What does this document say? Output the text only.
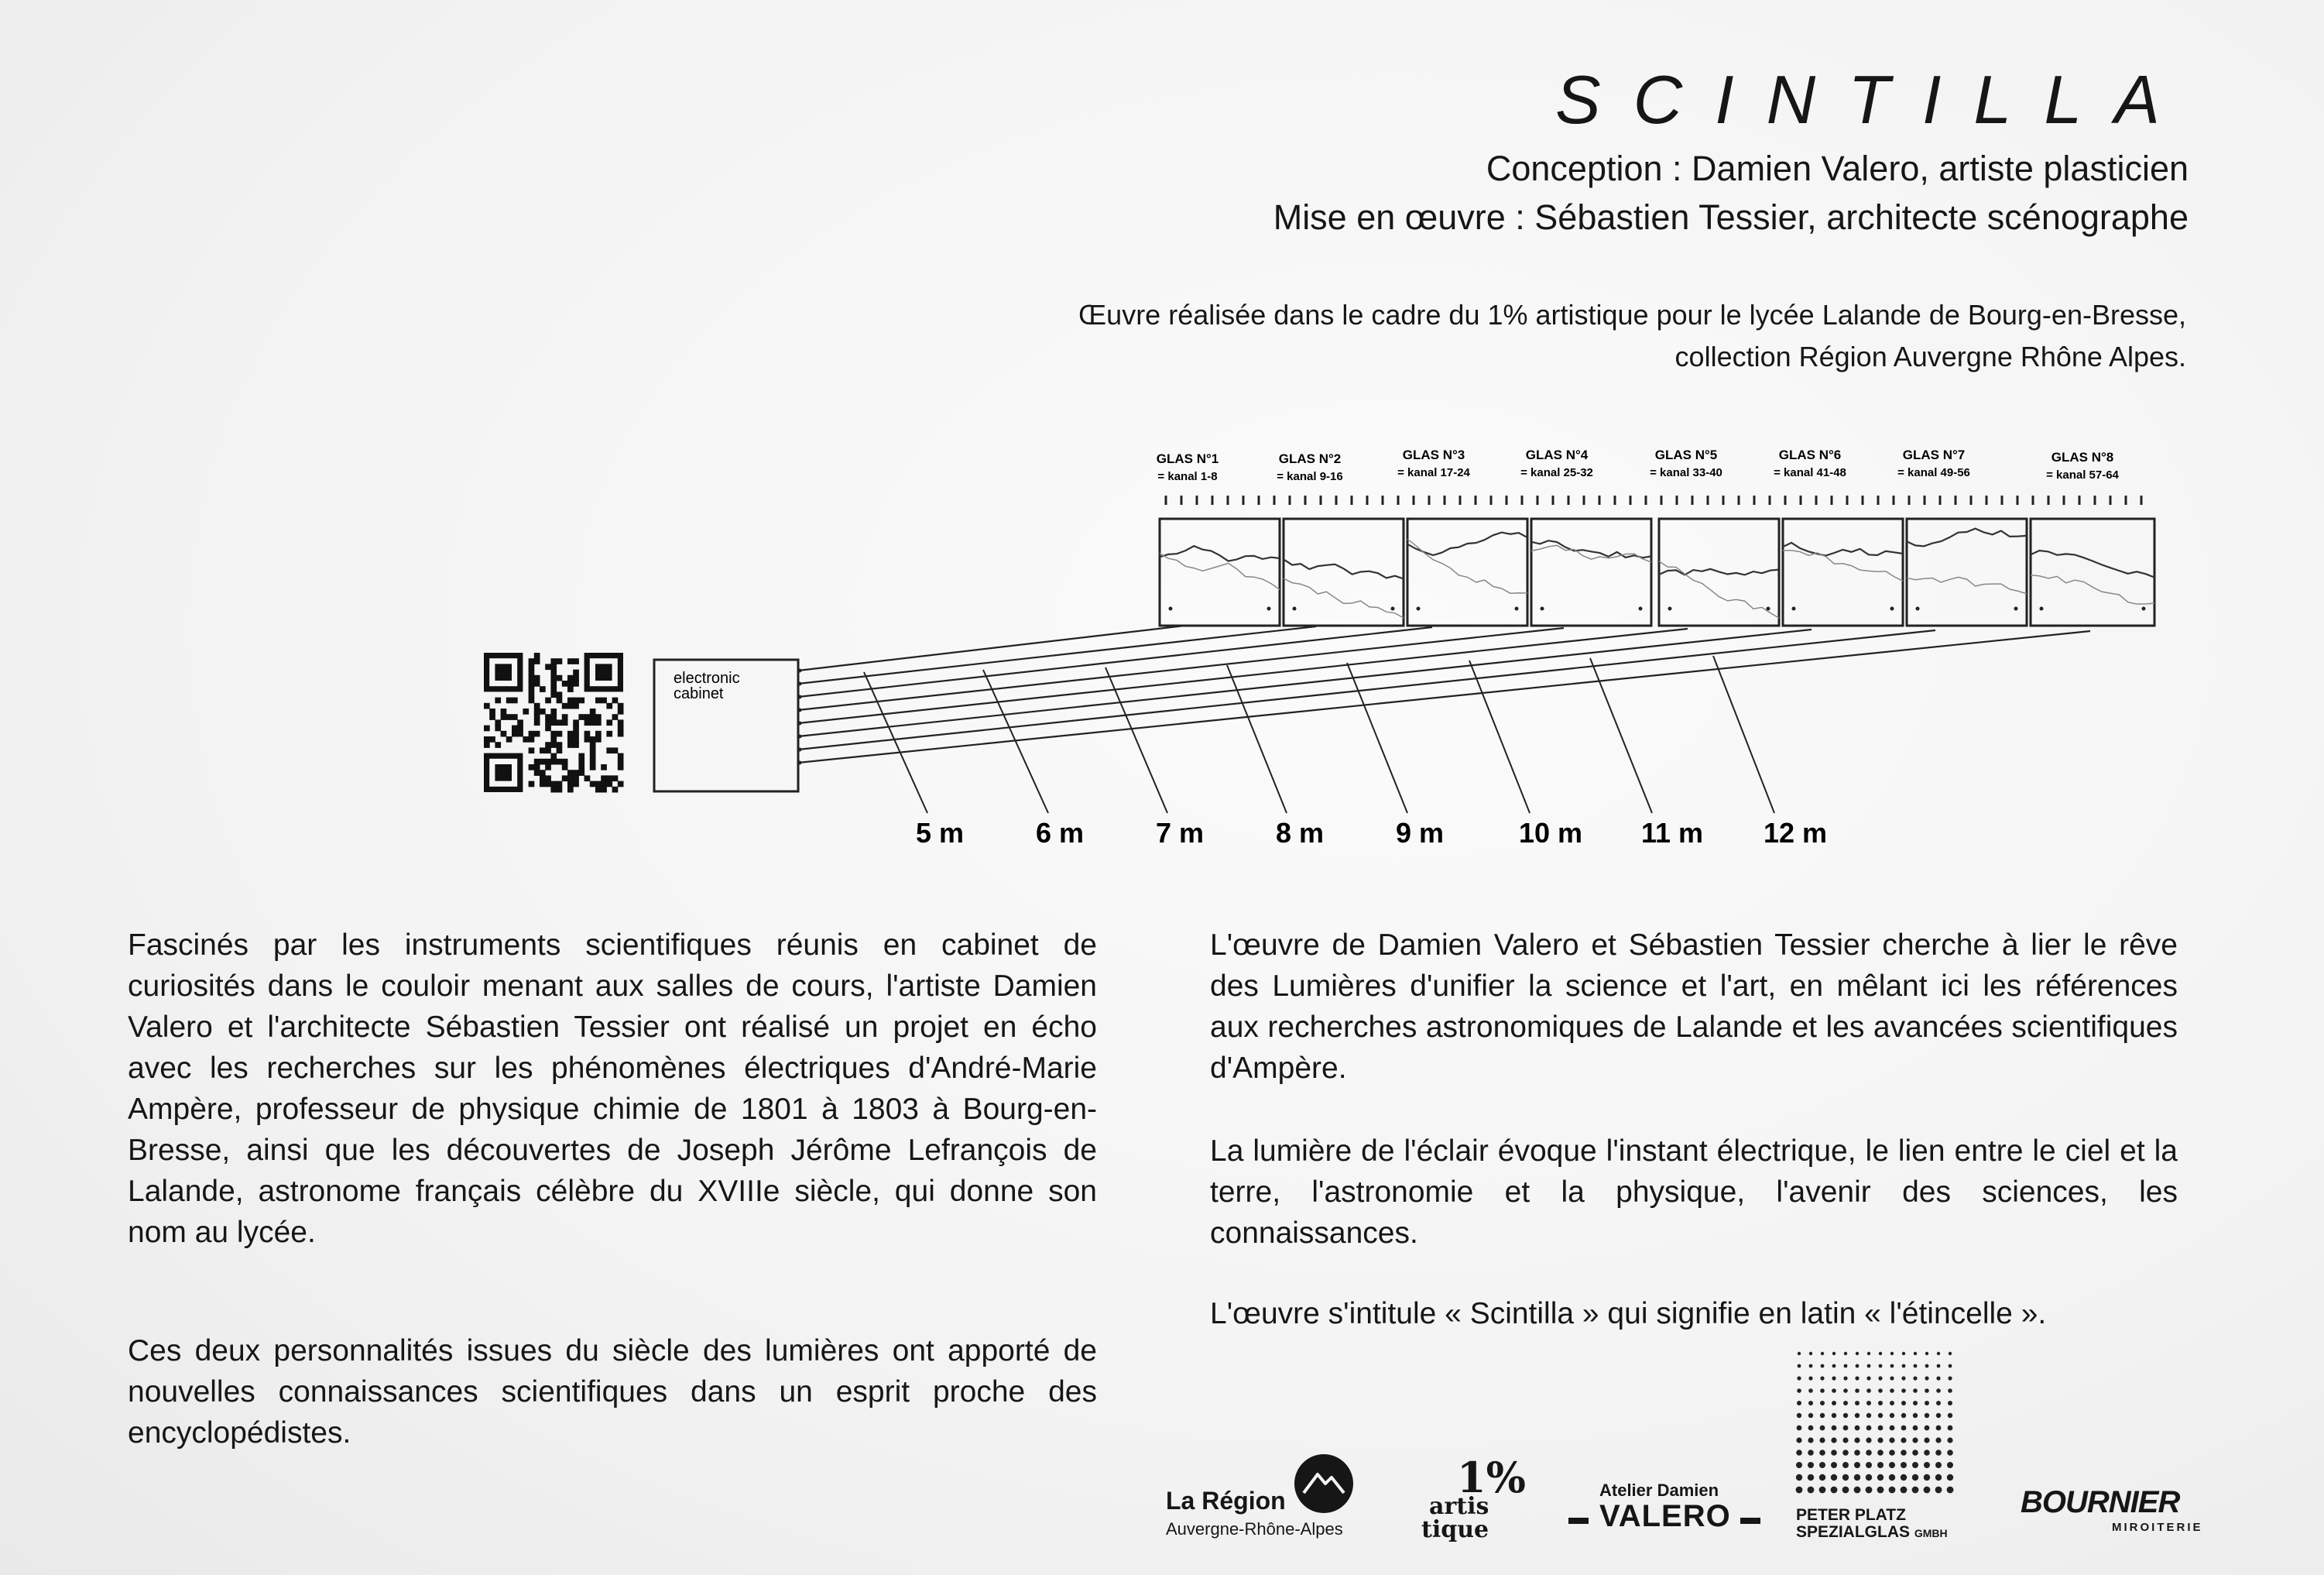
SCINTILLA

Conception : Damien Valero, artiste plasticien

Mise en œuvre : Sébastien Tessier, architecte scénographe

Œuvre réalisée dans le cadre du 1% artistique pour le lycée Lalande de Bourg-en-Bresse,

collection Région Auvergne Rhône Alpes.

electronic
cabinet
5 m	6 m	7 m	8 m	9 m	10 m 11 m 12 m
GLAS N°1
= kanal 1-8
GLAS N°2
= kanal 9-16
GLAS N°3
= kanal 17-24
GLAS N°4
= kanal 25-32
GLAS N°5
= kanal 33-40
GLAS N°6
= kanal 41-48
GLAS N°7
= kanal 49-56
GLAS N°8
= kanal 57-64

Fascinés par les instruments scientifiques réunis en cabinet de curiosités dans le couloir menant aux salles de cours, l'artiste Damien Valero et l'architecte Sébastien Tessier ont réalisé un projet en écho avec les recherches sur les phénomènes électriques d'André-Marie Ampère, professeur de physique chimie de 1801 à 1803 à Bourg-en-Bresse, ainsi que les découvertes de Joseph Jérôme Lefrançois de Lalande, astronome français célèbre du XVIIIe siècle, qui donne son nom au lycée.

Ces deux personnalités issues du siècle des lumières ont apporté de nouvelles connaissances scientifiques dans un esprit proche des encyclopédistes.

L'œuvre de Damien Valero et Sébastien Tessier cherche à lier le rêve des Lumières d'unifier la science et l'art, en mêlant ici les références aux recherches astronomiques de Lalande et les avancées scientifiques d'Ampère.

La lumière de l'éclair évoque l'instant électrique, le lien entre le ciel et la terre, l'astronomie et la physique, l'avenir des sciences, les connaissances.

L'œuvre s'intitule « Scintilla » qui signifie en latin « l'étincelle ».

La Région

Auvergne-Rhône-Alpes

1%
artis
tique
Atelier Damien
VALERO	PETER PLATZ
SPEZIALGLAS GMBH
BOURNIER
MIROITERIE
